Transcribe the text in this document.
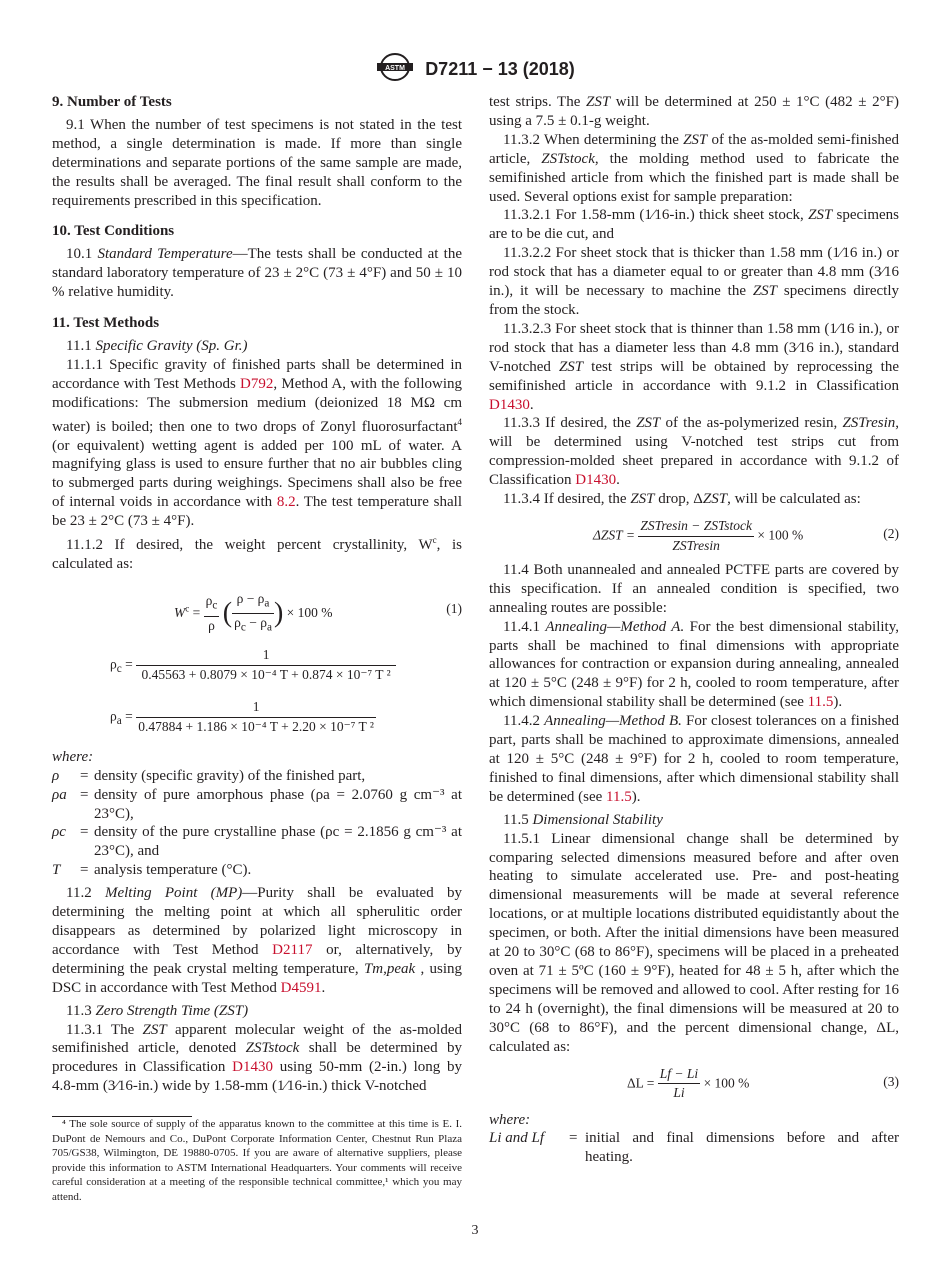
ASTM D7211 − 13 (2018)

9. Number of Tests

9.1 When the number of test specimens is not stated in the test method, a single determination is made. If more than single determinations and separate portions of the same sample are made, the results shall be averaged. The final result shall conform to the requirements prescribed in this specification.

10. Test Conditions

10.1 Standard Temperature—The tests shall be conducted at the standard laboratory temperature of 23 ± 2°C (73 ± 4°F) and 50 ± 10 % relative humidity.

11. Test Methods

11.1 Specific Gravity (Sp. Gr.)

11.1.1 Specific gravity of finished parts shall be determined in accordance with Test Methods D792, Method A, with the following modifications: The submersion medium (deionized 18 MΩ cm water) is boiled; then one to two drops of Zonyl fluorosurfactant$^4$ (or equivalent) wetting agent is added per 100 mL of water. A magnifying glass is used to ensure further that no air bubbles cling to submerged parts during weighings. Specimens shall also be free of internal voids in accordance with 8.2. The test temperature shall be 23 ± 2°C (73 ± 4°F).

11.1.2 If desired, the weight percent crystallinity, $W^c$, is calculated as:

$W^c = \frac{\rho_c}{\rho}$ ( $\frac{\rho - \rho_a}{\rho_c - \rho_a}$ ) × 100 %	(1)
$\rho_c = \frac{1}{\text{0.45563 + 0.8079 × 10⁻⁴ T + 0.874 × 10⁻⁷ T ²}}$
$\rho_a = \frac{1}{\text{0.47884 + 1.186 × 10⁻⁴ T + 2.20 × 10⁻⁷ T ²}}$

where:

ρ	= density (specific gravity) of the finished part,
ρa = density of pure amorphous phase (ρa = 2.0760 g cm⁻³ at 23°C),
ρc = density of the pure crystalline phase (ρc = 2.1856 g cm⁻³ at 23°C), and
T	= analysis temperature (°C).

11.2 Melting Point (MP)—Purity shall be evaluated by determining the melting point at which all spherulitic order disappears as determined by polarized light microscopy in accordance with Test Method D2117 or, alternatively, by determining the peak crystal melting temperature, Tm,peak , using DSC in accordance with Test Method D4591.

11.3 Zero Strength Time (ZST)

11.3.1 The ZST apparent molecular weight of the as-molded semifinished article, denoted ZSTstock shall be determined by procedures in Classification D1430 using 50-mm (2-in.) long by 4.8-mm (3⁄16-in.) wide by 1.58-mm (1⁄16-in.) thick V-notched

⁴ The sole source of supply of the apparatus known to the committee at this time is E. I. DuPont de Nemours and Co., DuPont Corporate Information Center, Chestnut Run Plaza 705/GS38, Wilmington, DE 19880-0705. If you are aware of alternative suppliers, please provide this information to ASTM International Headquarters. Your comments will receive careful consideration at a meeting of the responsible technical committee,¹ which you may attend.

test strips. The ZST will be determined at 250 ± 1°C (482 ± 2°F) using a 7.5 ± 0.1-g weight.

11.3.2 When determining the ZST of the as-molded semi-finished article, ZSTstock, the molding method used to fabricate the semifinished article from which the finished part is made shall be used. Several options exist for sample preparation:

11.3.2.1 For 1.58-mm (1⁄16-in.) thick sheet stock, ZST specimens are to be die cut, and

11.3.2.2 For sheet stock that is thicker than 1.58 mm (1⁄16 in.) or rod stock that has a diameter equal to or greater than 4.8 mm (3⁄16 in.), it will be necessary to machine the ZST specimens directly from the stock.

11.3.2.3 For sheet stock that is thinner than 1.58 mm (1⁄16 in.), or rod stock that has a diameter less than 4.8 mm (3⁄16 in.), standard V-notched ZST test strips will be obtained by reprocessing the semifinished article in accordance with 9.1.2 in Classification D1430.

11.3.3 If desired, the ZST of the as-polymerized resin, ZSTresin, will be determined using V-notched test strips cut from compression-molded sheet prepared in accordance with 9.1.2 of Classification D1430.

11.3.4 If desired, the ZST drop, ΔZST, will be calculated as:

ΔZST =
ZSTresin − ZSTstock
ZSTresin
× 100 %	(2)

11.4 Both unannealed and annealed PCTFE parts are covered by this specification. If an annealed condition is specified, two annealing routes are possible:

11.4.1 Annealing—Method A. For the best dimensional stability, parts shall be machined to final dimensions with appropriate allowances for contraction or expansion during annealing, annealed at 120 ± 5°C (248 ± 9°F) for 2 h, cooled to room temperature, after which dimensional stability shall be determined (see 11.5).

11.4.2 Annealing—Method B. For closest tolerances on a finished part, parts shall be machined to approximate dimensions, annealed at 120 ± 5°C (248 ± 9°F) for 2 h, cooled to room temperature, finished to final dimensions, after which dimensional stability shall be determined (see 11.5).

11.5 Dimensional Stability

11.5.1 Linear dimensional change shall be determined by comparing selected dimensions measured before and after oven heating to simulate accelerated use. Pre- and post-heating dimensional measurements will be made at several reference locations, or at multiple locations distributed equidistantly about the specimen, or both. After the initial dimensions have been measured at 20 to 30°C (68 to 86°F), specimens will be placed in a preheated oven at 71 ± 5ºC (160 ± 9°F), heated for 48 ± 5 h, after which the specimens will be removed and allowed to cool. After resting for 16 to 24 h (overnight), the final dimensions will be measured at 20 to 30°C (68 to 86°F), and the percent dimensional change, ΔL, calculated as:

$\Delta L = \frac{Lf - Li}{Li} \times 100$ %	(3)

where:

Li and Lf	= initial and final dimensions before and after heating.
3
